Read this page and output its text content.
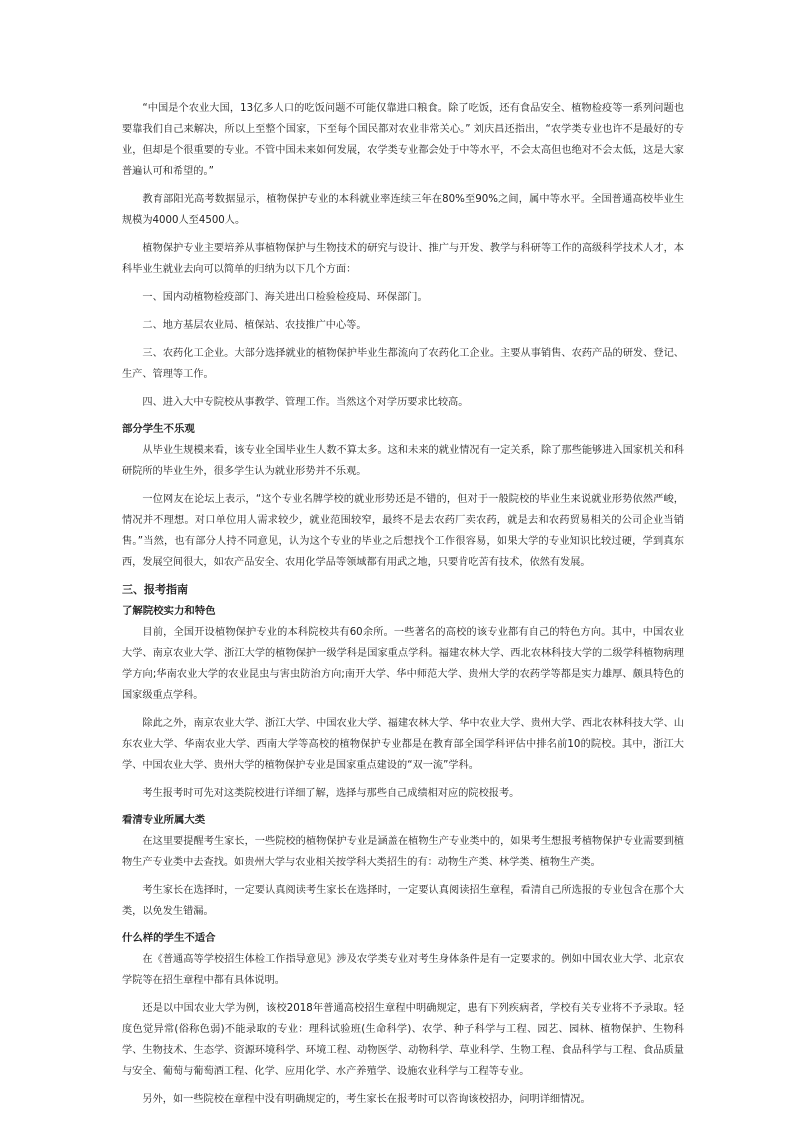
“中国是个农业大国，13亿多人口的吃饭问题不可能仅靠进口粮食。除了吃饭，还有食品安全、植物检疫等一系列问题也要靠我们自己来解决，所以上至整个国家，下至每个国民都对农业非常关心。” 刘庆昌还指出，“农学类专业也许不是最好的专业，但却是个很重要的专业。不管中国未来如何发展，农学类专业都会处于中等水平，不会太高但也绝对不会太低，这是大家普遍认可和希望的。”

教育部阳光高考数据显示，植物保护专业的本科就业率连续三年在80%至90%之间，属中等水平。全国普通高校毕业生规模为4000人至4500人。

植物保护专业主要培养从事植物保护与生物技术的研究与设计、推广与开发、教学与科研等工作的高级科学技术人才，本科毕业生就业去向可以简单的归纳为以下几个方面：

一、国内动植物检疫部门、海关进出口检验检疫局、环保部门。

二、地方基层农业局、植保站、农技推广中心等。

三、农药化工企业。大部分选择就业的植物保护毕业生都流向了农药化工企业。主要从事销售、农药产品的研发、登记、生产、管理等工作。

四、进入大中专院校从事教学、管理工作。当然这个对学历要求比较高。

部分学生不乐观

从毕业生规模来看，该专业全国毕业生人数不算太多。这和未来的就业情况有一定关系，除了那些能够进入国家机关和科研院所的毕业生外，很多学生认为就业形势并不乐观。

一位网友在论坛上表示，“这个专业名牌学校的就业形势还是不错的，但对于一般院校的毕业生来说就业形势依然严峻，情况并不理想。对口单位用人需求较少，就业范围较窄，最终不是去农药厂卖农药，就是去和农药贸易相关的公司企业当销售。”当然，也有部分人持不同意见，认为这个专业的毕业之后想找个工作很容易，如果大学的专业知识比较过硬，学到真东西，发展空间很大，如农产品安全、农用化学品等领域都有用武之地，只要肯吃苦有技术，依然有发展。

三、报考指南
了解院校实力和特色

目前，全国开设植物保护专业的本科院校共有60余所。一些著名的高校的该专业都有自己的特色方向。其中，中国农业大学、南京农业大学、浙江大学的植物保护一级学科是国家重点学科。福建农林大学、西北农林科技大学的二级学科植物病理学方向;华南农业大学的农业昆虫与害虫防治方向;南开大学、华中师范大学、贵州大学的农药学等都是实力雄厚、颇具特色的国家级重点学科。

除此之外，南京农业大学、浙江大学、中国农业大学、福建农林大学、华中农业大学、贵州大学、西北农林科技大学、山东农业大学、华南农业大学、西南大学等高校的植物保护专业都是在教育部全国学科评估中排名前10的院校。其中，浙江大学、中国农业大学、贵州大学的植物保护专业是国家重点建设的“双一流”学科。

考生报考时可先对这类院校进行详细了解，选择与那些自己成绩相对应的院校报考。

看清专业所属大类

在这里要提醒考生家长，一些院校的植物保护专业是涵盖在植物生产专业类中的，如果考生想报考植物保护专业需要到植物生产专业类中去查找。如贵州大学与农业相关按学科大类招生的有：动物生产类、林学类、植物生产类。

考生家长在选择时，一定要认真阅读考生家长在选择时，一定要认真阅读招生章程，看清自己所选报的专业包含在那个大类，以免发生错漏。

什么样的学生不适合

在《普通高等学校招生体检工作指导意见》涉及农学类专业对考生身体条件是有一定要求的。例如中国农业大学、北京农学院等在招生章程中都有具体说明。

还是以中国农业大学为例，该校2018年普通高校招生章程中明确规定，患有下列疾病者，学校有关专业将不予录取。轻度色觉异常(俗称色弱)不能录取的专业：理科试验班(生命科学)、农学、种子科学与工程、园艺、园林、植物保护、生物科学、生物技术、生态学、资源环境科学、环境工程、动物医学、动物科学、草业科学、生物工程、食品科学与工程、食品质量与安全、葡萄与葡萄酒工程、化学、应用化学、水产养殖学、设施农业科学与工程等专业。

另外，如一些院校在章程中没有明确规定的，考生家长在报考时可以咨询该校招办，问明详细情况。
